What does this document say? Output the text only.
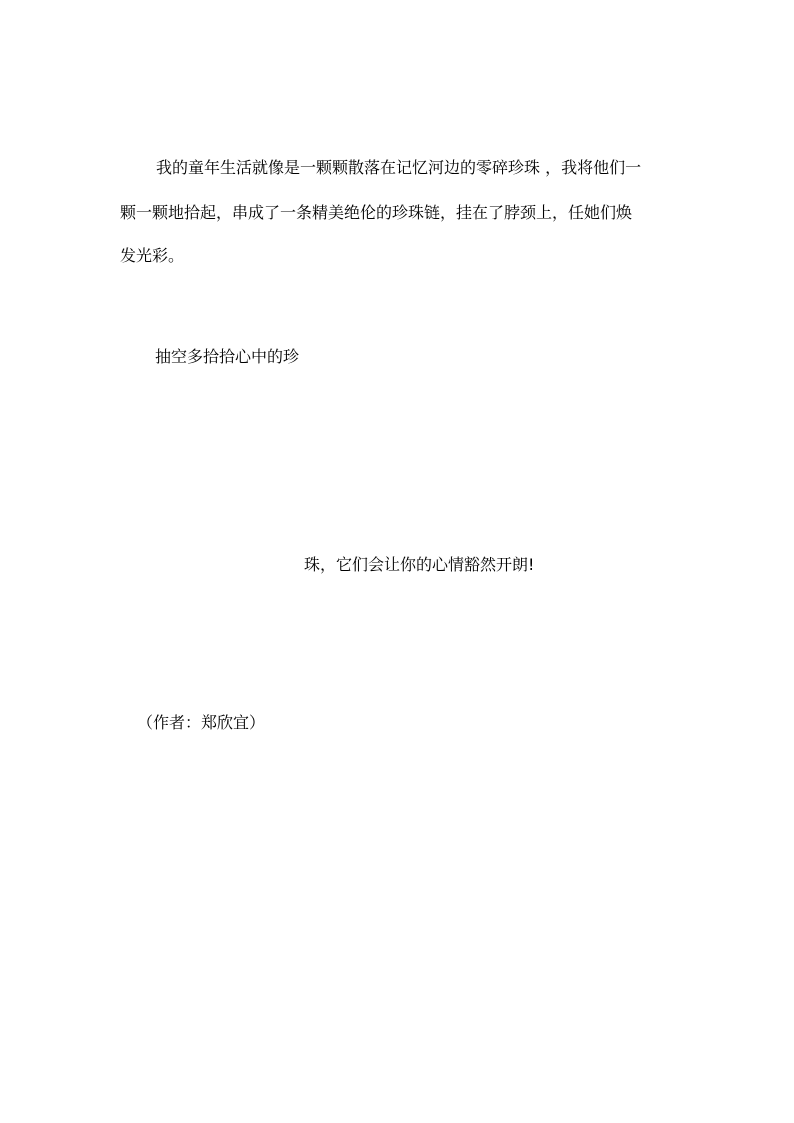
我的童年生活就像是一颗颗散落在记忆河边的零碎珍珠 ，我将他们一
颗一颗地拾起，串成了一条精美绝伦的珍珠链，挂在了脖颈上，任她们焕
发光彩。
抽空多拾拾心中的珍
珠，它们会让你的心情豁然开朗!
（作者：郑欣宜）
